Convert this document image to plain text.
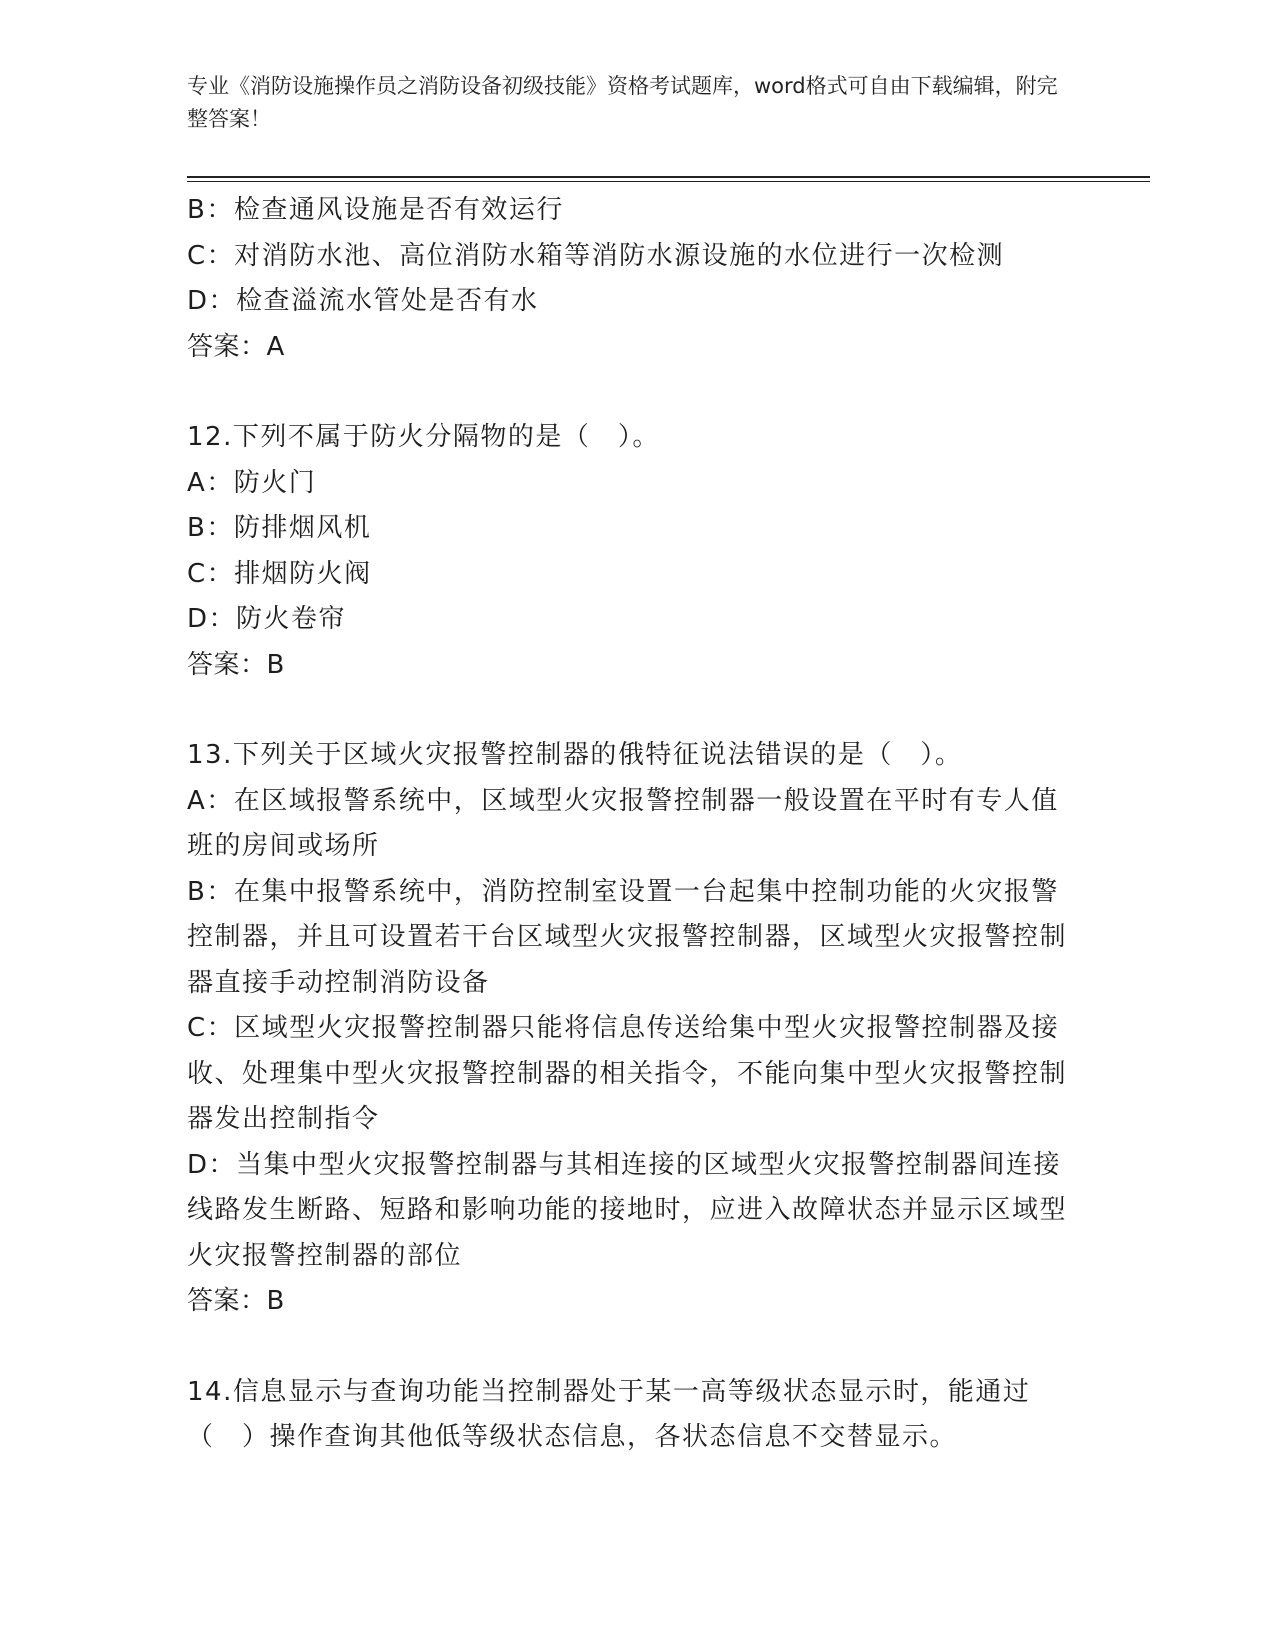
专业《消防设施操作员之消防设备初级技能》资格考试题库，word格式可自由下载编辑，附完整答案！
B：检查通风设施是否有效运行
C：对消防水池、高位消防水箱等消防水源设施的水位进行一次检测
D：检查溢流水管处是否有水
答案：A
12.下列不属于防火分隔物的是（　）。
A：防火门
B：防排烟风机
C：排烟防火阀
D：防火卷帘
答案：B
13.下列关于区域火灾报警控制器的俄特征说法错误的是（　）。
A：在区域报警系统中，区域型火灾报警控制器一般设置在平时有专人值班的房间或场所
B：在集中报警系统中，消防控制室设置一台起集中控制功能的火灾报警控制器，并且可设置若干台区域型火灾报警控制器，区域型火灾报警控制器直接手动控制消防设备
C：区域型火灾报警控制器只能将信息传送给集中型火灾报警控制器及接收、处理集中型火灾报警控制器的相关指令，不能向集中型火灾报警控制器发出控制指令
D：当集中型火灾报警控制器与其相连接的区域型火灾报警控制器间连接线路发生断路、短路和影响功能的接地时，应进入故障状态并显示区域型火灾报警控制器的部位
答案：B
14.信息显示与查询功能当控制器处于某一高等级状态显示时，能通过（　）操作查询其他低等级状态信息，各状态信息不交替显示。
